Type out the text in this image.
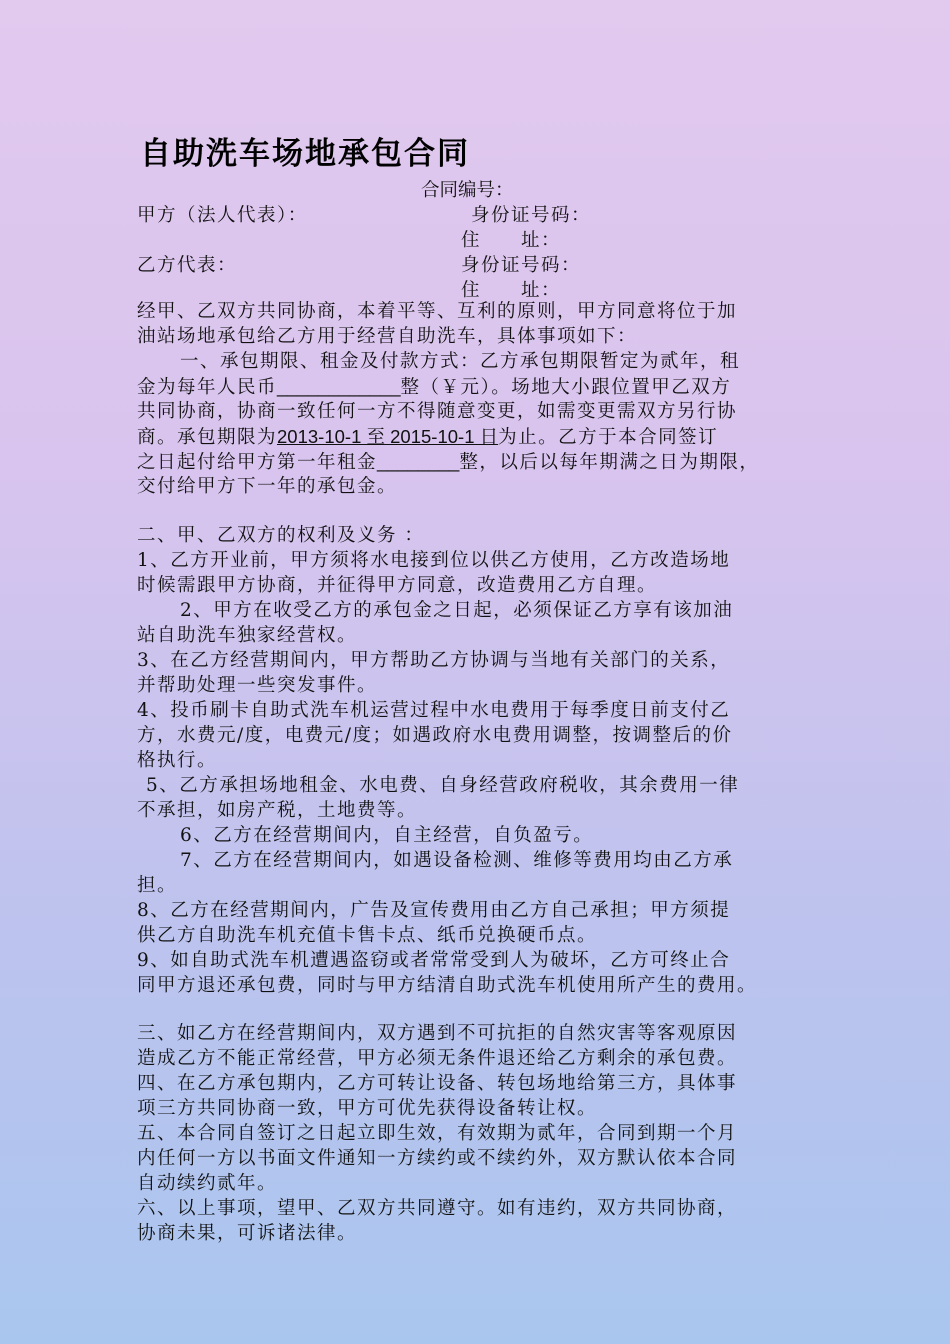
自助洗车场地承包合同
合同编号：
甲方（法人代表）：	身份证号码：
住　　址：
乙方代表：	身份证号码：
住　　址：
经甲、乙双方共同协商，本着平等、互利的原则，甲方同意将位于加
油站场地承包给乙方用于经营自助洗车，具体事项如下：
一、承包期限、租金及付款方式：乙方承包期限暂定为贰年，租
金为每年人民币____________整（￥元）。场地大小跟位置甲乙双方
共同协商，协商一致任何一方不得随意变更，如需变更需双方另行协
商。承包期限为2013-10-1 至 2015-10-1 日为止。乙方于本合同签订
之日起付给甲方第一年租金________整，以后以每年期满之日为期限，
交付给甲方下一年的承包金。
二、甲、乙双方的权利及义务 ：
1、乙方开业前，甲方须将水电接到位以供乙方使用，乙方改造场地
时候需跟甲方协商，并征得甲方同意，改造费用乙方自理。
2、甲方在收受乙方的承包金之日起，必须保证乙方享有该加油
站自助洗车独家经营权。
3、在乙方经营期间内，甲方帮助乙方协调与当地有关部门的关系，
并帮助处理一些突发事件。
4、投币刷卡自助式洗车机运营过程中水电费用于每季度日前支付乙
方，水费元/度，电费元/度；如遇政府水电费用调整，按调整后的价
格执行。
5、乙方承担场地租金、水电费、自身经营政府税收，其余费用一律
不承担，如房产税，土地费等。
6、乙方在经营期间内，自主经营，自负盈亏。
7、乙方在经营期间内，如遇设备检测、维修等费用均由乙方承
担。
8、乙方在经营期间内，广告及宣传费用由乙方自己承担；甲方须提
供乙方自助洗车机充值卡售卡点、纸币兑换硬币点。
9、如自助式洗车机遭遇盗窃或者常常受到人为破坏，乙方可终止合
同甲方退还承包费，同时与甲方结清自助式洗车机使用所产生的费用。
三、如乙方在经营期间内，双方遇到不可抗拒的自然灾害等客观原因
造成乙方不能正常经营，甲方必须无条件退还给乙方剩余的承包费。
四、在乙方承包期内，乙方可转让设备、转包场地给第三方，具体事
项三方共同协商一致，甲方可优先获得设备转让权。
五、本合同自签订之日起立即生效，有效期为贰年，合同到期一个月
内任何一方以书面文件通知一方续约或不续约外，双方默认依本合同
自动续约贰年。
六、以上事项，望甲、乙双方共同遵守。如有违约，双方共同协商，
协商未果，可诉诸法律。
